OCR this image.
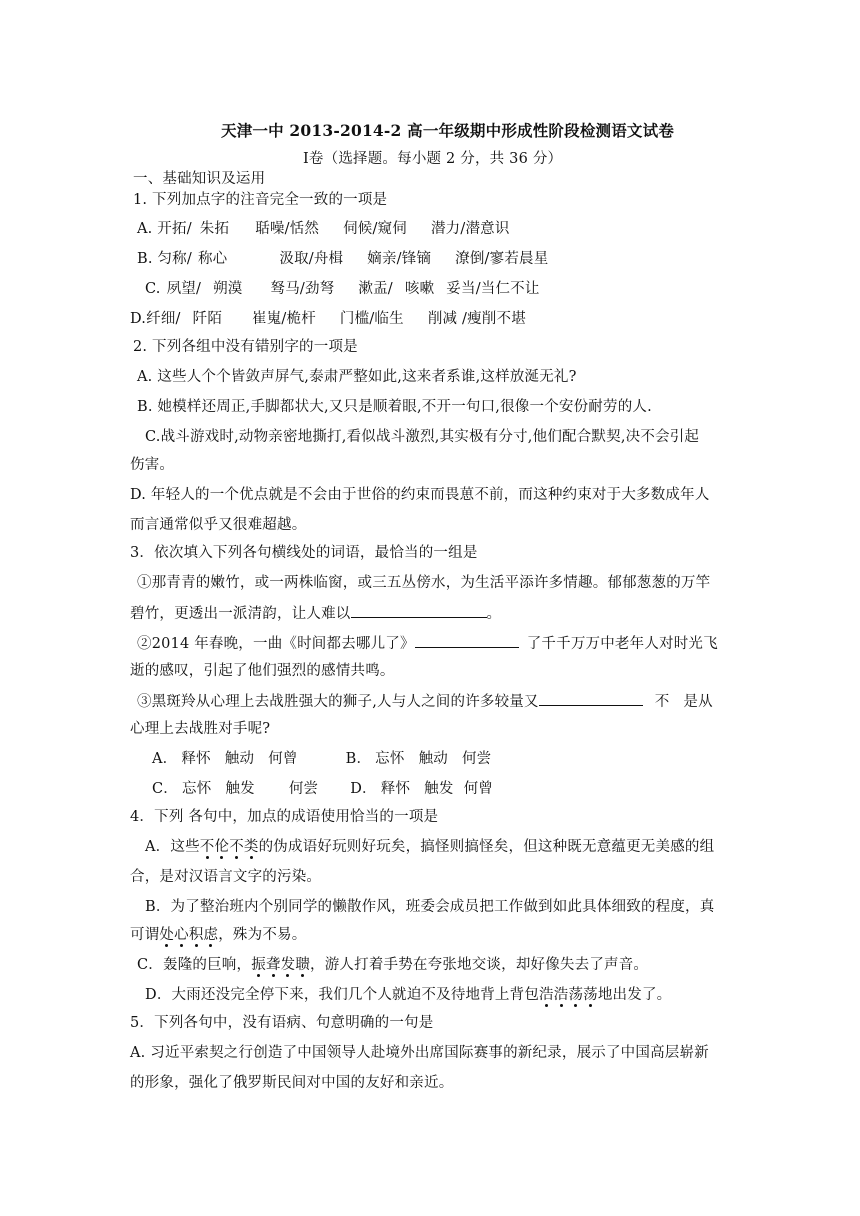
天津一中 2013-2014-2 高一年级期中形成性阶段检测语文试卷
Ⅰ卷（选择题。每小题 2 分，共 36 分）
一、基础知识及运用
1. 下列加点字的注音完全一致的一项是
A. 开拓/ 朱拓 聒噪/恬然 伺候/窥伺 潜力/潜意识
B. 匀称/ 称心	汲取/舟楫 嫡亲/锋镝 潦倒/寥若晨星
C. 夙望/ 朔漠 驽马/劲弩 漱盂/ 咳嗽 妥当/当仁不让
D.纤细/ 阡陌 崔嵬/桅杆 门槛/临生 削减 /瘦削不堪
2. 下列各组中没有错别字的一项是
A. 这些人个个皆敛声屏气,泰肃严整如此,这来者系谁,这样放涎无礼?
B. 她模样还周正,手脚都状大,又只是顺着眼,不开一句口,很像一个安份耐劳的人.
C.战斗游戏时,动物亲密地撕打,看似战斗激烈,其实极有分寸,他们配合默契,决不会引起
伤害。
D. 年轻人的一个优点就是不会由于世俗的约束而畏葸不前，而这种约束对于大多数成年人
而言通常似乎又很难超越。
3．依次填入下列各句横线处的词语，最恰当的一组是
①那青青的嫩竹，或一两株临窗，或三五丛傍水，为生活平添许多情趣。郁郁葱葱的万竿
碧竹，更透出一派清韵，让人难以	。
②2014 年春晚，一曲《时间都去哪儿了》	了千千万万中老年人对时光飞
逝的感叹，引起了他们强烈的感情共鸣。
③黑斑羚从心理上去战胜强大的狮子,人与人之间的许多较量又	不 是从
心理上去战胜对手呢?
A． 释怀 触动 何曾	B． 忘怀 触动 何尝
C． 忘怀 触发 何尝 D． 释怀 触发 何曾
4．下列 各句中，加点的成语使用恰当的一项是
A．这些不伦不类的伪成语好玩则好玩矣，搞怪则搞怪矣，但这种既无意蕴更无美感的组
合，是对汉语言文字的污染。
B．为了整治班内个别同学的懒散作风，班委会成员把工作做到如此具体细致的程度，真
可谓处心积虑，殊为不易。
C．轰隆的巨响，振聋发聩，游人打着手势在夸张地交谈，却好像失去了声音。
D．大雨还没完全停下来，我们几个人就迫不及待地背上背包浩浩荡荡地出发了。
5．下列各句中，没有语病、句意明确的一句是
A. 习近平索契之行创造了中国领导人赴境外出席国际赛事的新纪录，展示了中国高层崭新
的形象，强化了俄罗斯民间对中国的友好和亲近。
